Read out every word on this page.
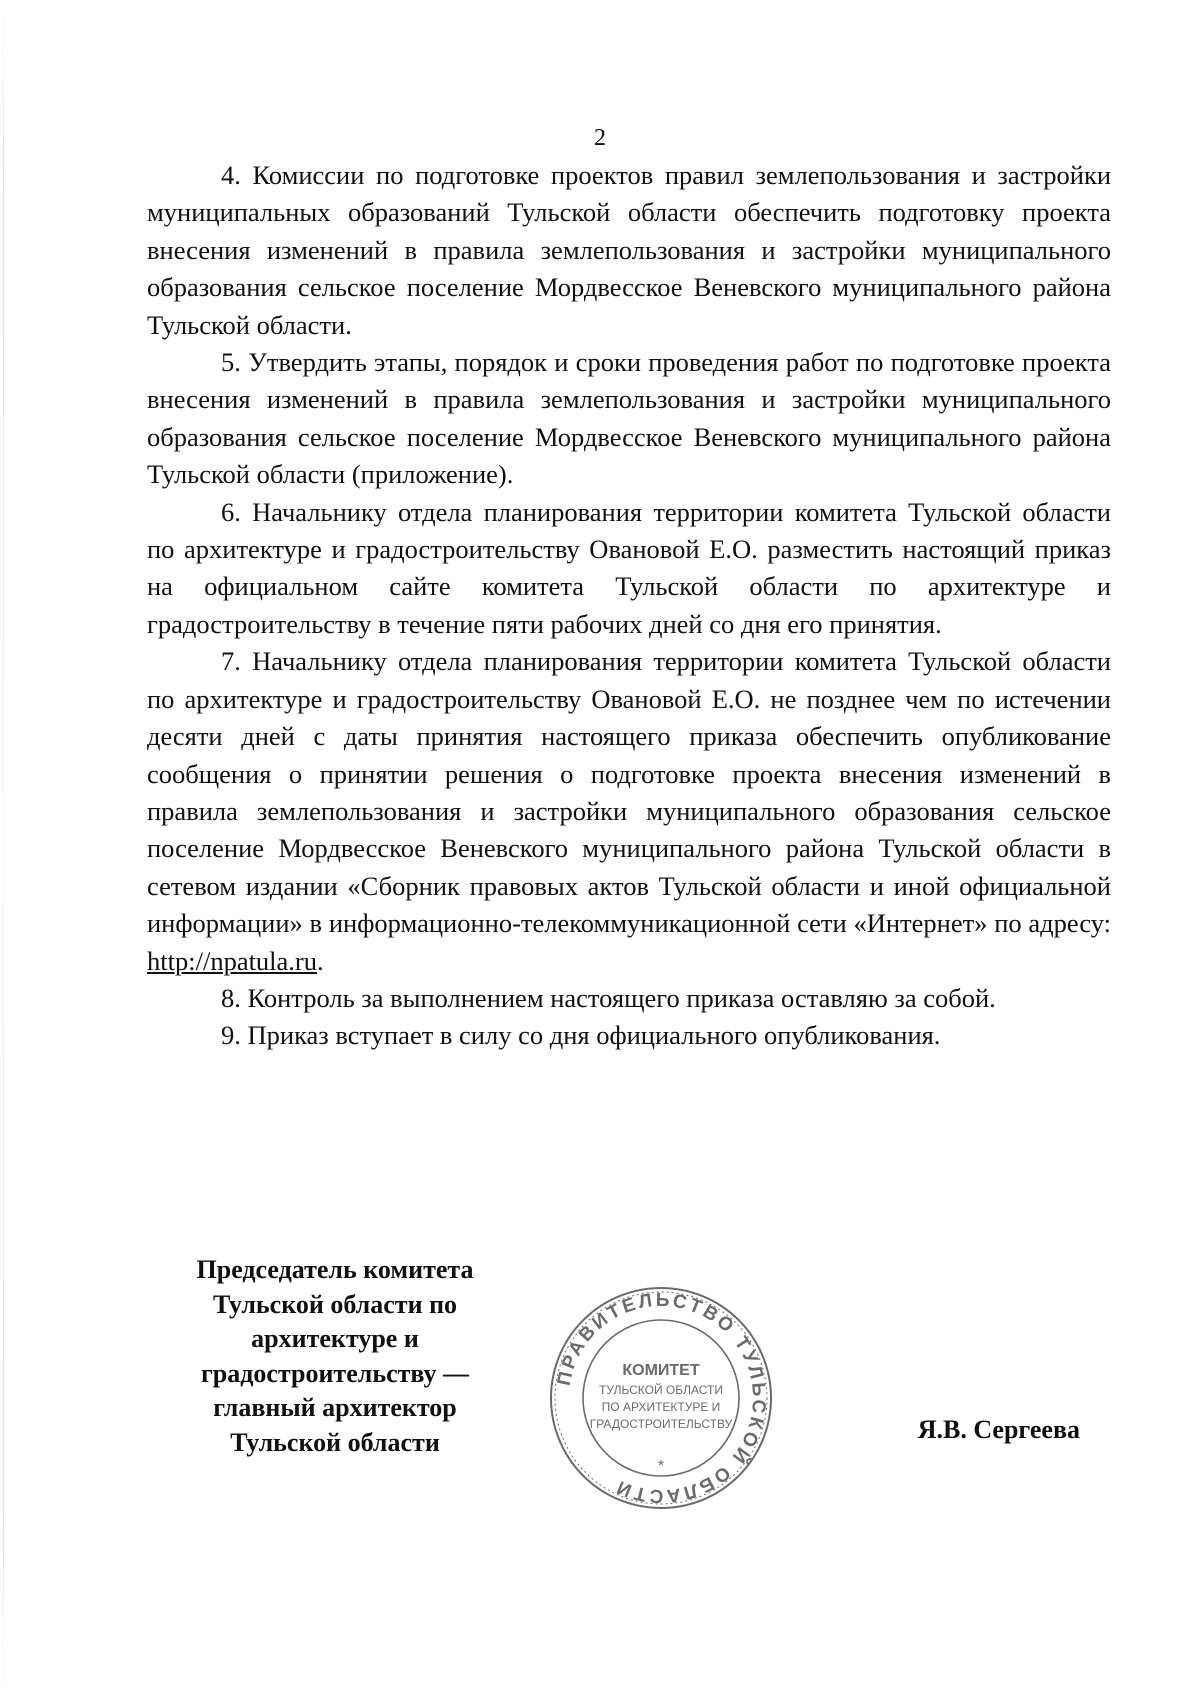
2

4. Комиссии по подготовке проектов правил землепользования и застройки муниципальных образований Тульской области обеспечить подготовку проекта внесения изменений в правила землепользования и застройки муниципального образования сельское поселение Мордвесское Веневского муниципального района Тульской области.

5. Утвердить этапы, порядок и сроки проведения работ по подготовке проекта внесения изменений в правила землепользования и застройки муниципального образования сельское поселение Мордвесское Веневского муниципального района Тульской области (приложение).

6. Начальнику отдела планирования территории комитета Тульской области по архитектуре и градостроительству Овановой Е.О. разместить настоящий приказ на официальном сайте комитета Тульской области по архитектуре и градостроительству в течение пяти рабочих дней со дня его принятия.

7. Начальнику отдела планирования территории комитета Тульской области по архитектуре и градостроительству Овановой Е.О. не позднее чем по истечении десяти дней с даты принятия настоящего приказа обеспечить опубликование сообщения о принятии решения о подготовке проекта внесения изменений в правила землепользования и застройки муниципального образования сельское поселение Мордвесское Веневского муниципального района Тульской области в сетевом издании «Сборник правовых актов Тульской области и иной официальной информации» в информационно-телекоммуникационной сети «Интернет» по адресу: http://npatula.ru.

8. Контроль за выполнением настоящего приказа оставляю за собой.

9. Приказ вступает в силу со дня официального опубликования.

Председатель комитета
Тульской области по
архитектуре и
градостроительству —
главный архитектор
Тульской области
ПРАВИТЕЛЬСТВО ТУЛЬСКОЙ ОБЛАСТИ
КОМИТЕТ
ТУЛЬСКОЙ ОБЛАСТИ
ПО АРХИТЕКТУРЕ И
ГРАДОСТРОИТЕЛЬСТВУ
*
Я.В. Сергеева
